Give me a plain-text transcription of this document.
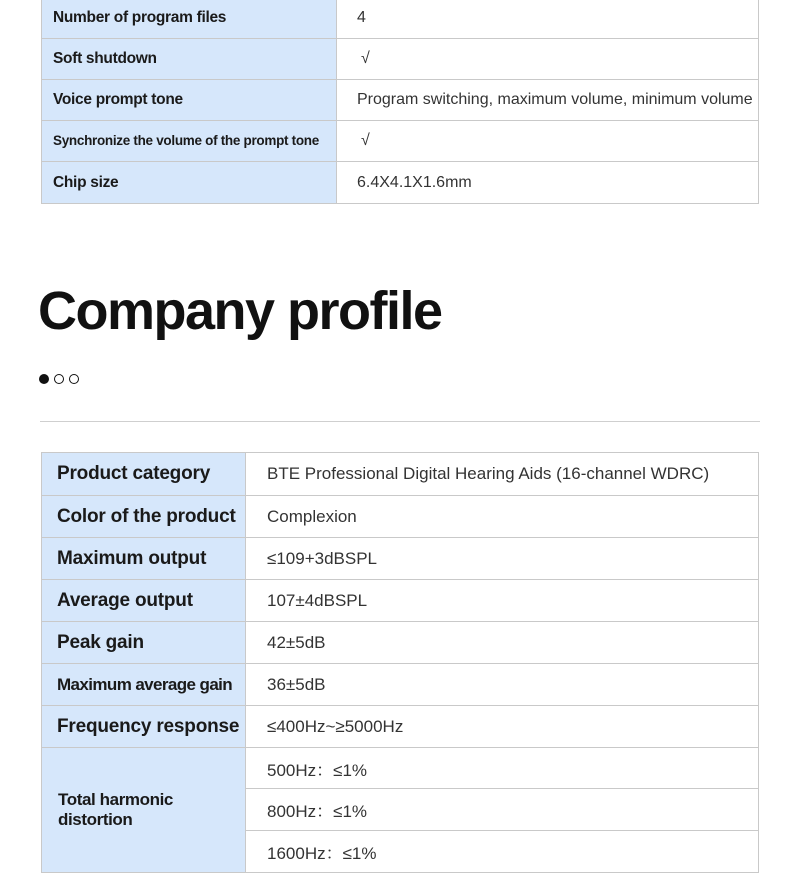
Number of program files	4
Soft shutdown	√
Voice prompt tone	Program switching, maximum volume, minimum volume
Synchronize the volume of the prompt tone	√
Chip size	6.4X4.1X1.6mm
Company profile
Product category	BTE Professional Digital Hearing Aids (16-channel WDRC)
Color of the product	Complexion
Maximum output	≤109+3dBSPL
Average output	107±4dBSPL
Peak gain	42±5dB
Maximum average gain	36±5dB
Frequency response	≤400Hz~≥5000Hz
Total harmonic distortion	500Hz：≤1%
	800Hz：≤1%
	1600Hz：≤1%
